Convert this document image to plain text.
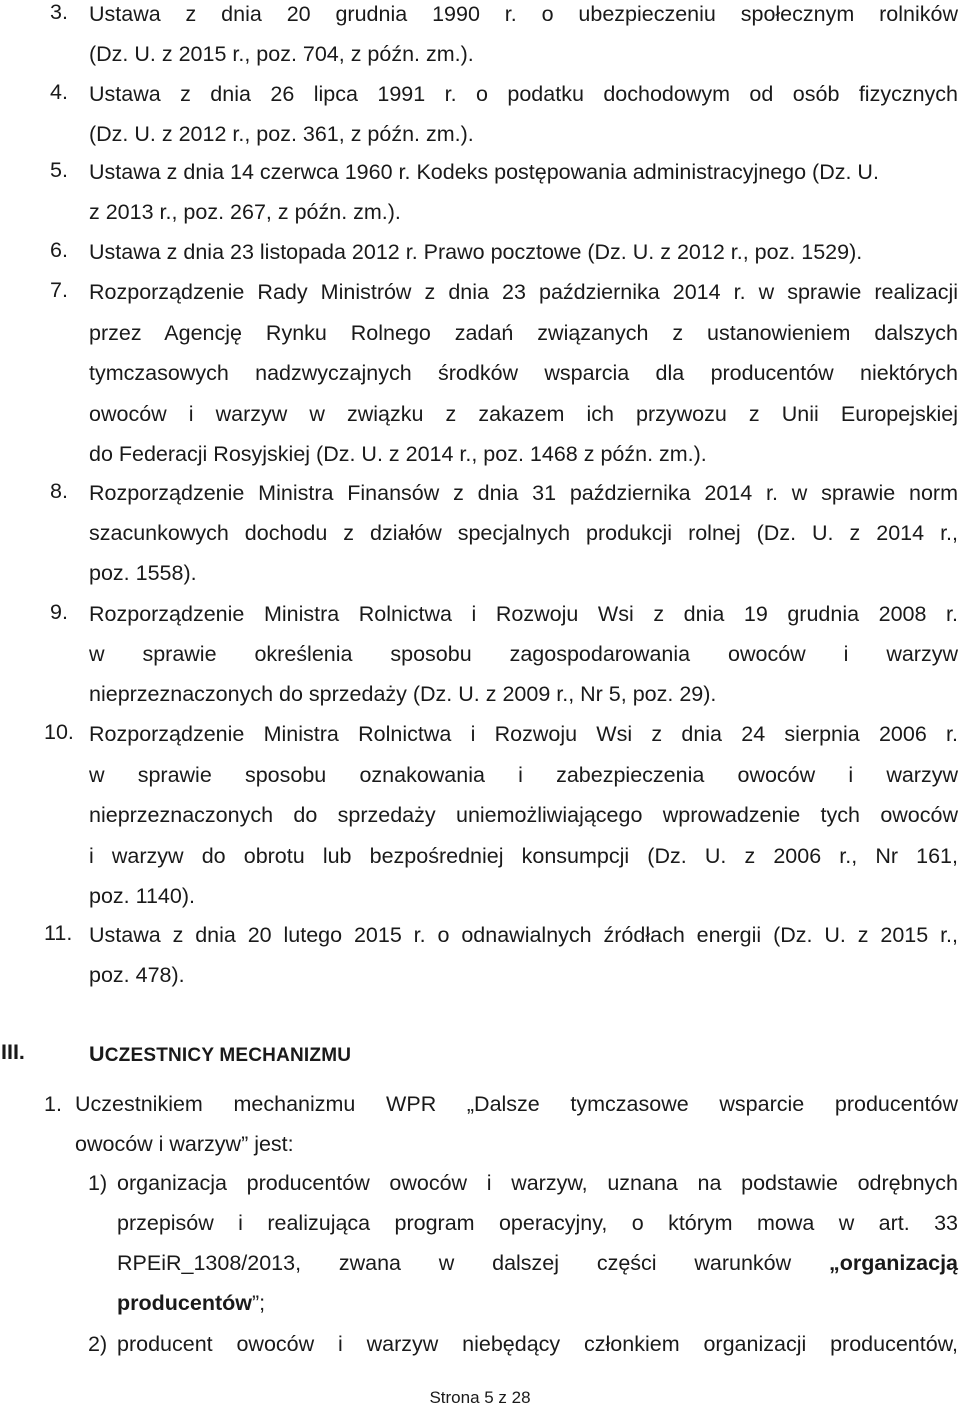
3. Ustawa z dnia 20 grudnia 1990 r. o ubezpieczeniu społecznym rolników
(Dz. U. z 2015 r., poz. 704, z późn. zm.).
4. Ustawa z dnia 26 lipca 1991 r. o podatku dochodowym od osób fizycznych
(Dz. U. z 2012 r., poz. 361, z późn. zm.).
5. Ustawa z dnia 14 czerwca 1960 r. Kodeks postępowania administracyjnego (Dz. U.
z 2013 r., poz. 267, z późn. zm.).
6. Ustawa z dnia 23 listopada 2012 r. Prawo pocztowe (Dz. U. z 2012 r., poz. 1529).
7. Rozporządzenie Rady Ministrów z dnia 23 października 2014 r. w sprawie realizacji
przez Agencję Rynku Rolnego zadań związanych z ustanowieniem dalszych
tymczasowych nadzwyczajnych środków wsparcia dla producentów niektórych
owoców i warzyw w związku z zakazem ich przywozu z Unii Europejskiej
do Federacji Rosyjskiej (Dz. U. z 2014 r., poz. 1468 z późn. zm.).
8. Rozporządzenie Ministra Finansów z dnia 31 października 2014 r. w sprawie norm
szacunkowych dochodu z działów specjalnych produkcji rolnej (Dz. U. z 2014 r.,
poz. 1558).
9. Rozporządzenie Ministra Rolnictwa i Rozwoju Wsi z dnia 19 grudnia 2008 r.
w sprawie określenia sposobu zagospodarowania owoców i warzyw
nieprzeznaczonych do sprzedaży (Dz. U. z 2009 r., Nr 5, poz. 29).
10. Rozporządzenie Ministra Rolnictwa i Rozwoju Wsi z dnia 24 sierpnia 2006 r.
w sprawie sposobu oznakowania i zabezpieczenia owoców i warzyw
nieprzeznaczonych do sprzedaży uniemożliwiającego wprowadzenie tych owoców
i warzyw do obrotu lub bezpośredniej konsumpcji (Dz. U. z 2006 r., Nr 161,
poz. 1140).
11. Ustawa z dnia 20 lutego 2015 r. o odnawialnych źródłach energii (Dz. U. z 2015 r.,
poz. 478).
III.	UCZESTNICY MECHANIZMU
1. Uczestnikiem mechanizmu WPR „Dalsze tymczasowe wsparcie producentów
owoców i warzyw” jest:
1) organizacja producentów owoców i warzyw, uznana na podstawie odrębnych
przepisów i realizująca program operacyjny, o którym mowa w art. 33
RPEiR_1308/2013, zwana w dalszej części warunków „organizacją
producentów”;
2) producent owoców i warzyw niebędący członkiem organizacji producentów,
Strona 5 z 28
